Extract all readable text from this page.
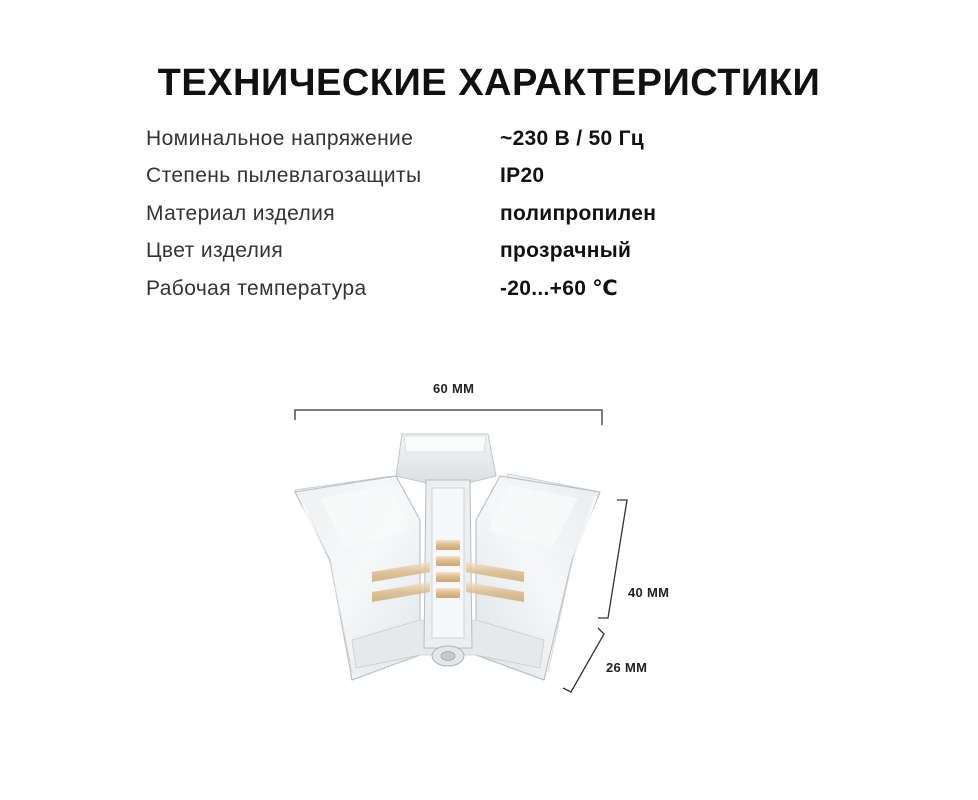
ТЕХНИЧЕСКИЕ ХАРАКТЕРИСТИКИ
Номинальное напряжение	~230 В / 50 Гц
Степень пылевлагозащиты	IP20
Материал изделия	полипропилен
Цвет изделия	прозрачный
Рабочая температура	-20...+60 ℃
60 ММ
40 ММ
26 ММ
